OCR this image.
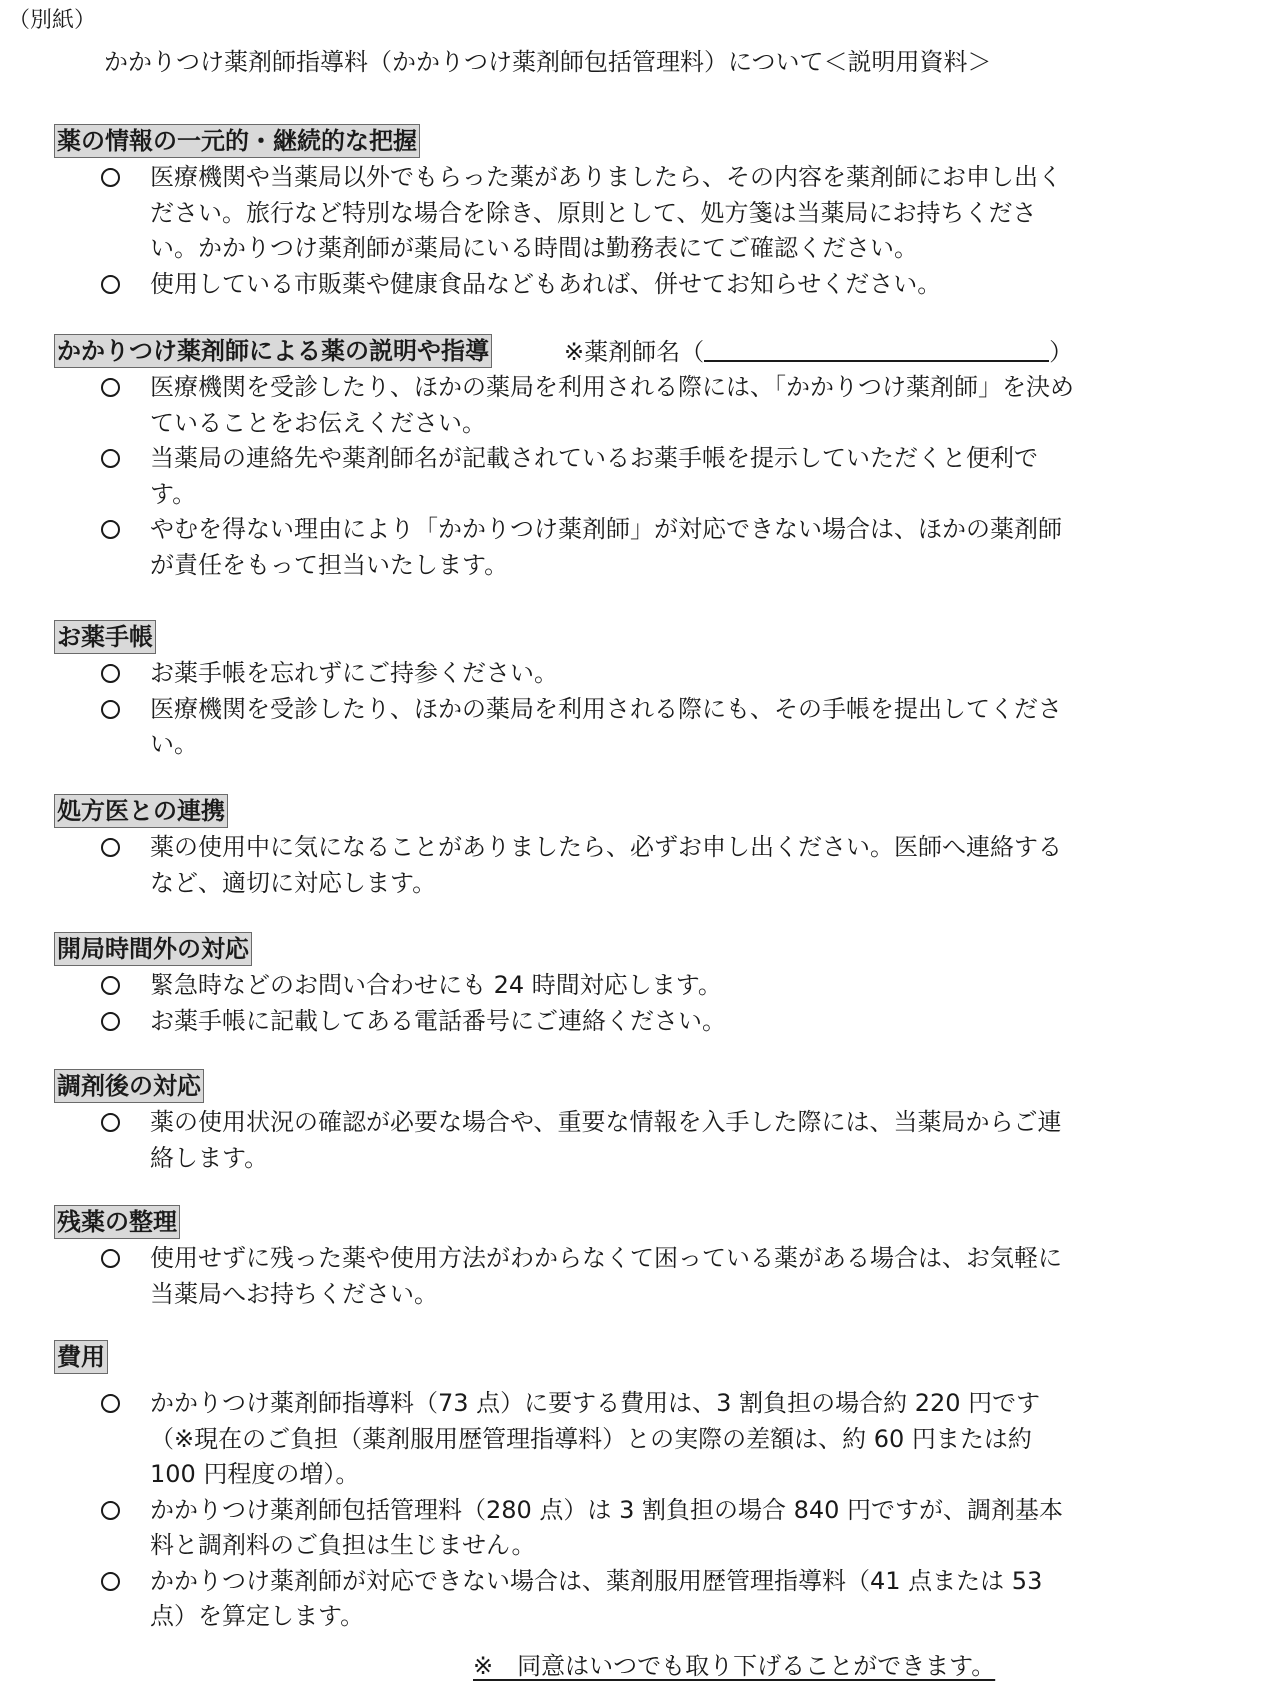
（別紙）
かかりつけ薬剤師指導料（かかりつけ薬剤師包括管理料）について＜説明用資料＞
薬の情報の一元的・継続的な把握
医療機関や当薬局以外でもらった薬がありましたら、その内容を薬剤師にお申し出ください。旅行など特別な場合を除き、原則として、処方箋は当薬局にお持ちください。かかりつけ薬剤師が薬局にいる時間は勤務表にてご確認ください。
使用している市販薬や健康食品などもあれば、併せてお知らせください。
かかりつけ薬剤師による薬の説明や指導	※薬剤師名（	）
医療機関を受診したり、ほかの薬局を利用される際には、「かかりつけ薬剤師」を決めていることをお伝えください。
当薬局の連絡先や薬剤師名が記載されているお薬手帳を提示していただくと便利です。
やむを得ない理由により「かかりつけ薬剤師」が対応できない場合は、ほかの薬剤師が責任をもって担当いたします。
お薬手帳
お薬手帳を忘れずにご持参ください。
医療機関を受診したり、ほかの薬局を利用される際にも、その手帳を提出してください。
処方医との連携
薬の使用中に気になることがありましたら、必ずお申し出ください。医師へ連絡するなど、適切に対応します。
開局時間外の対応
緊急時などのお問い合わせにも 24 時間対応します。
お薬手帳に記載してある電話番号にご連絡ください。
調剤後の対応
薬の使用状況の確認が必要な場合や、重要な情報を入手した際には、当薬局からご連絡します。
残薬の整理
使用せずに残った薬や使用方法がわからなくて困っている薬がある場合は、お気軽に当薬局へお持ちください。
費用
かかりつけ薬剤師指導料（73 点）に要する費用は、3 割負担の場合約 220 円です（※現在のご負担（薬剤服用歴管理指導料）との実際の差額は、約 60 円または約 100 円程度の増）。
かかりつけ薬剤師包括管理料（280 点）は 3 割負担の場合 840 円ですが、調剤基本料と調剤料のご負担は生じません。
かかりつけ薬剤師が対応できない場合は、薬剤服用歴管理指導料（41 点または 53 点）を算定します。
※　同意はいつでも取り下げることができます。
